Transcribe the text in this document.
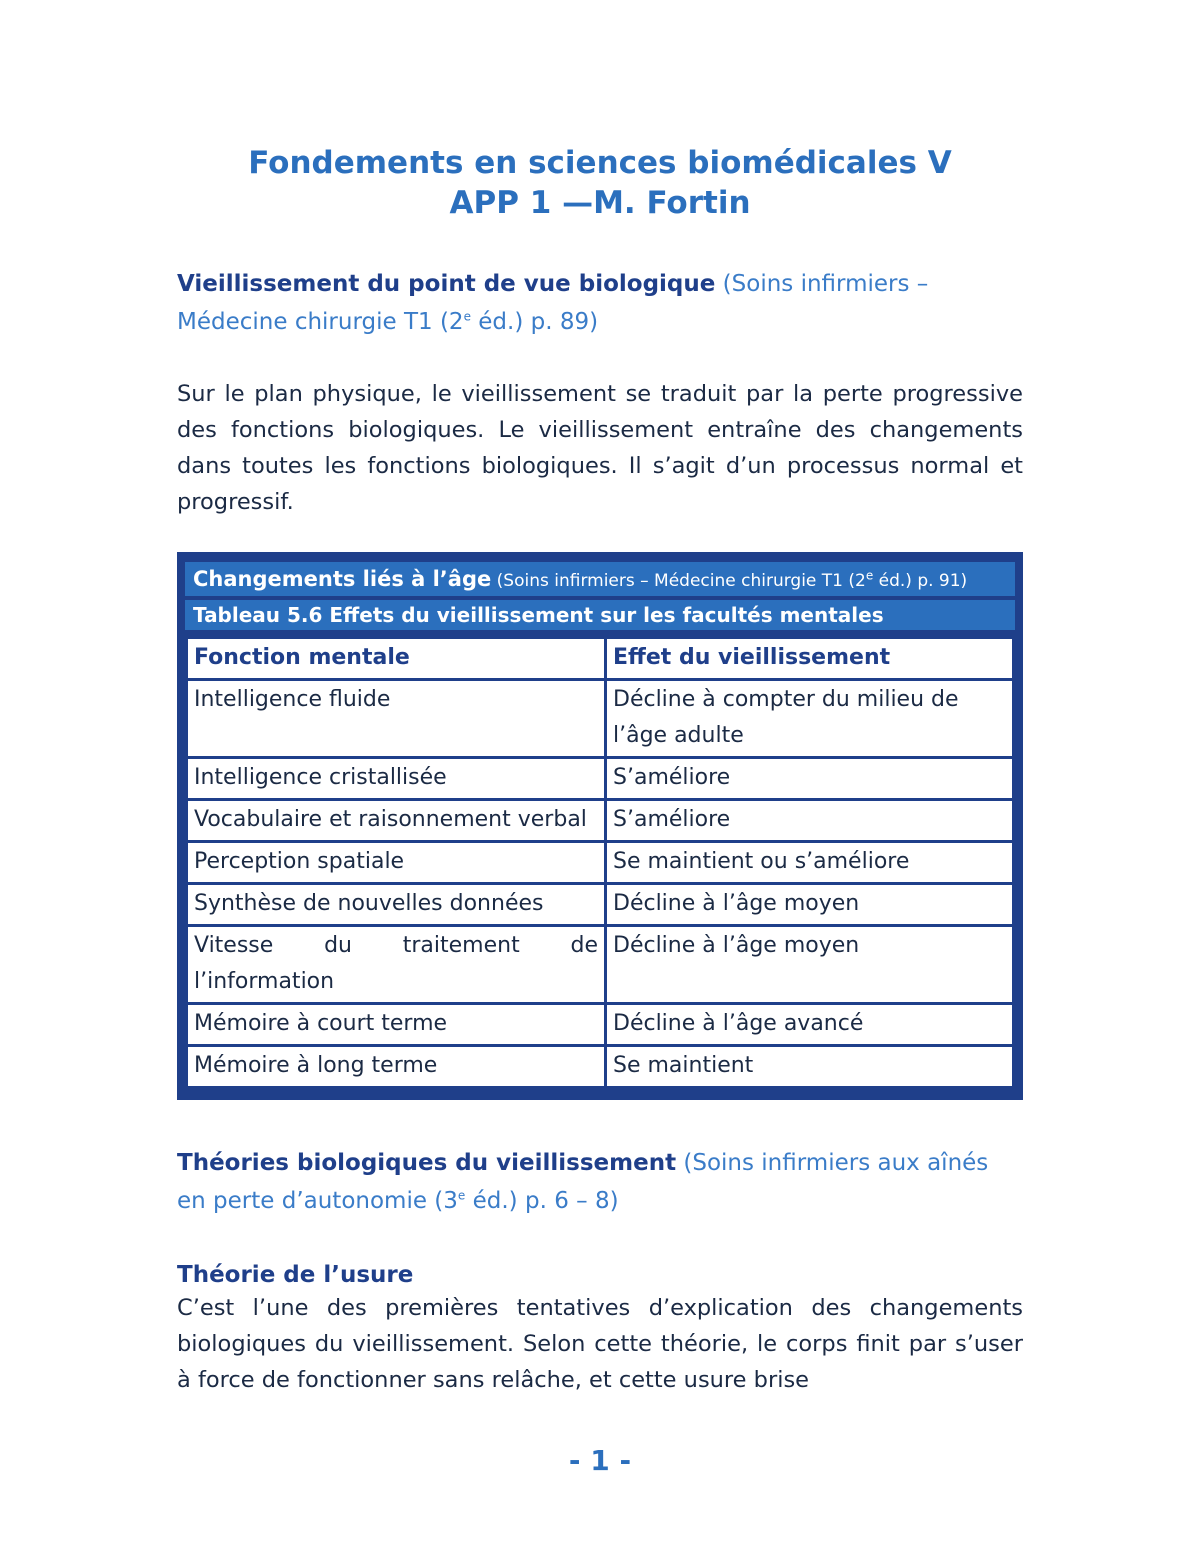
Fondements en sciences biomédicales V
APP 1 —M. Fortin
Vieillissement du point de vue biologique (Soins infirmiers – Médecine chirurgie T1 (2e éd.) p. 89)
Sur le plan physique, le vieillissement se traduit par la perte progressive des fonctions biologiques. Le vieillissement entraîne des changements dans toutes les fonctions biologiques. Il s’agit d’un processus normal et progressif.
Changements liés à l’âge (Soins infirmiers – Médecine chirurgie T1 (2e éd.) p. 91)
Tableau 5.6 Effets du vieillissement sur les facultés mentales
Fonction mentale	Effet du vieillissement
Intelligence fluide	Décline à compter du milieu de l’âge adulte
Intelligence cristallisée	S’améliore
Vocabulaire et raisonnement verbal	S’améliore
Perception spatiale	Se maintient ou s’améliore
Synthèse de nouvelles données	Décline à l’âge moyen
Vitesse du traitement de l’information	Décline à l’âge moyen
Mémoire à court terme	Décline à l’âge avancé
Mémoire à long terme	Se maintient
Théories biologiques du vieillissement (Soins infirmiers aux aînés en perte d’autonomie (3e éd.) p. 6 – 8)
Théorie de l’usure
C’est l’une des premières tentatives d’explication des changements biologiques du vieillissement. Selon cette théorie, le corps finit par s’user à force de fonctionner sans relâche, et cette usure brise
- 1 -
